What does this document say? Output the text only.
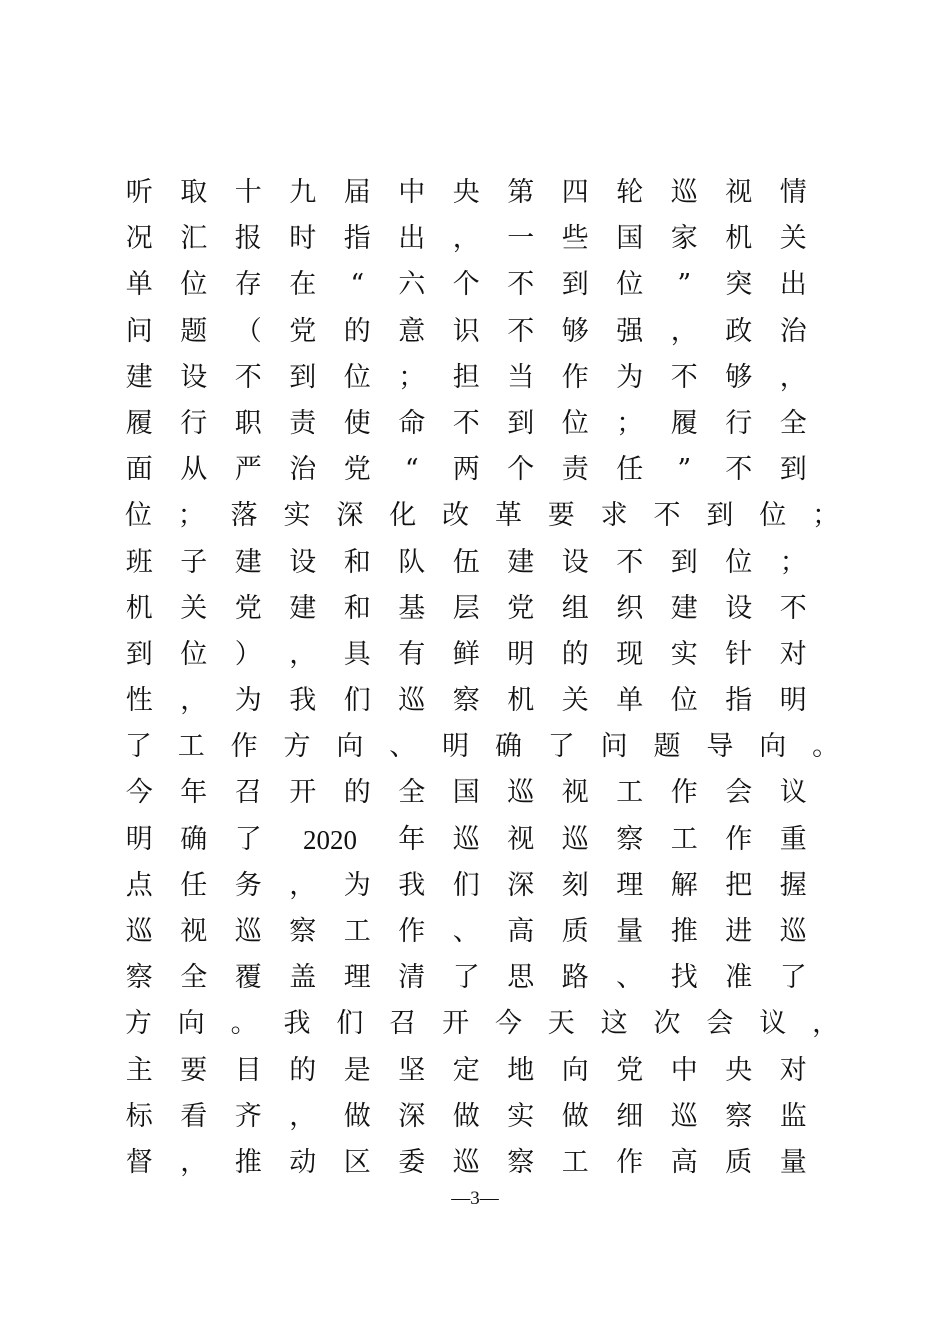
听	取	十	九	届	中	央	第	四	轮	巡	视	情
况	汇	报	时	指	出	，	一	些	国	家	机	关
单	位	存	在	“	六	个	不	到	位	”	突	出
问	题	（	党	的	意	识	不	够	强	，	政	治
建	设	不	到	位	；	担	当	作	为	不	够	，
履	行	职	责	使	命	不	到	位	；	履	行	全
面	从	严	治	党	“	两	个	责	任	”	不	到
位 ； 落 实 深 化 改 革 要 求 不 到 位 ；
班	子	建	设	和	队	伍	建	设	不	到	位	；
机	关	党	建	和	基	层	党	组	织	建	设	不
到	位	）	，	具	有	鲜	明	的	现	实	针	对
性	，	为	我	们	巡	察	机	关	单	位	指	明
了 工 作 方 向 、 明 确 了 问 题 导 向 。
今	年	召	开	的	全	国	巡	视	工	作	会	议
明	确	了	2020	年	巡	视	巡	察	工	作	重
点	任	务	，	为	我	们	深	刻	理	解	把	握
巡	视	巡	察	工	作	、	高	质	量	推	进	巡
察	全	覆	盖	理	清	了	思	路	、	找	准	了
方 向 。 我 们 召 开 今 天 这 次 会 议 ，
主	要	目	的	是	坚	定	地	向	党	中	央	对
标	看	齐	，	做	深	做	实	做	细	巡	察	监
督	，	推	动	区	委	巡	察	工	作	高	质	量
—3—
